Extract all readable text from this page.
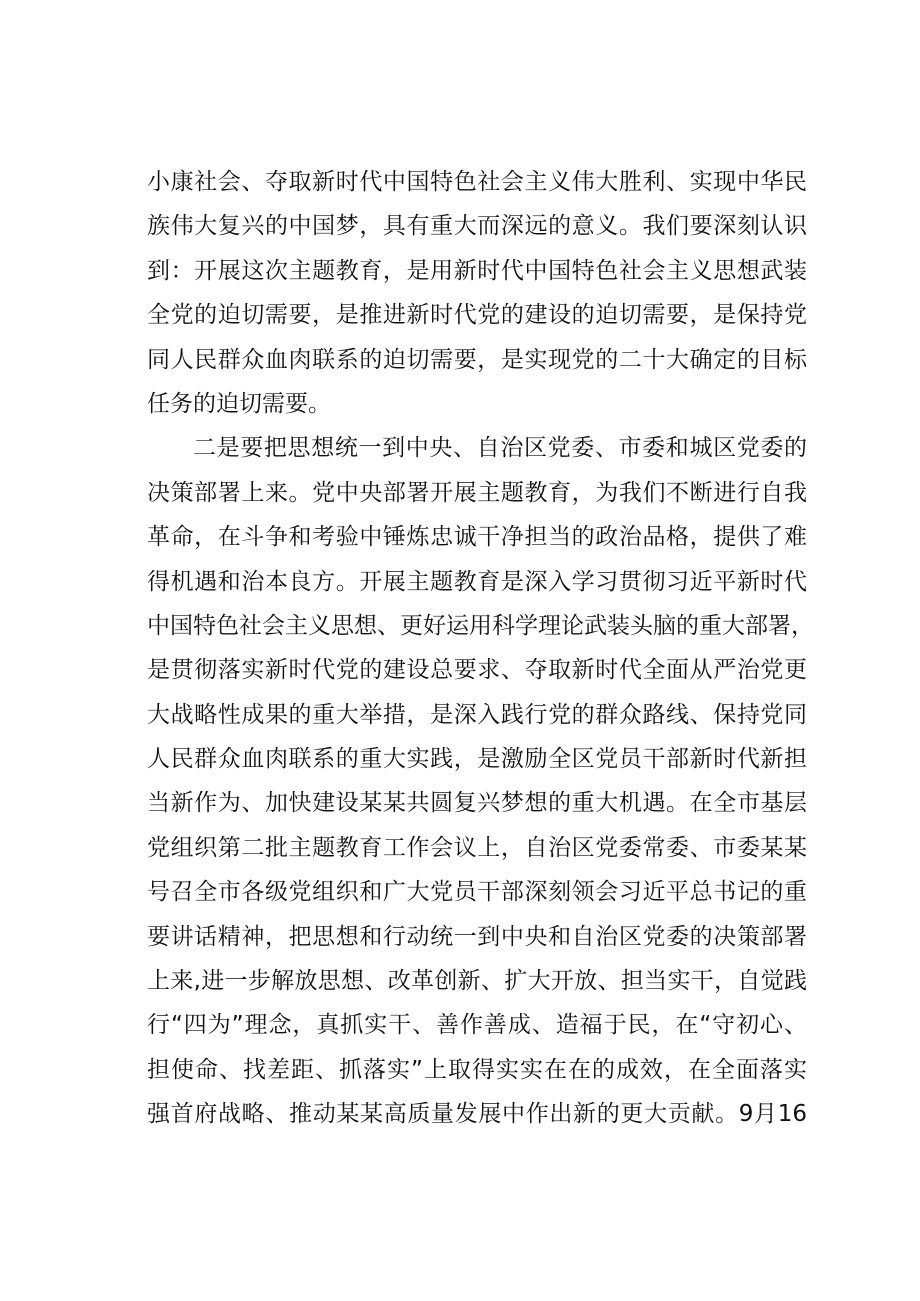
小康社会、夺取新时代中国特色社会主义伟大胜利、实现中华民
族伟大复兴的中国梦，具有重大而深远的意义。我们要深刻认识
到：开展这次主题教育，是用新时代中国特色社会主义思想武装
全党的迫切需要，是推进新时代党的建设的迫切需要，是保持党
同人民群众血肉联系的迫切需要，是实现党的二十大确定的目标
任务的迫切需要。
二是要把思想统一到中央、自治区党委、市委和城区党委的
决策部署上来。党中央部署开展主题教育，为我们不断进行自我
革命，在斗争和考验中锤炼忠诚干净担当的政治品格，提供了难
得机遇和治本良方。开展主题教育是深入学习贯彻习近平新时代
中国特色社会主义思想、更好运用科学理论武装头脑的重大部署，
是贯彻落实新时代党的建设总要求、夺取新时代全面从严治党更
大战略性成果的重大举措，是深入践行党的群众路线、保持党同
人民群众血肉联系的重大实践，是激励全区党员干部新时代新担
当新作为、加快建设某某共圆复兴梦想的重大机遇。在全市基层
党组织第二批主题教育工作会议上，自治区党委常委、市委某某
号召全市各级党组织和广大党员干部深刻领会习近平总书记的重
要讲话精神，把思想和行动统一到中央和自治区党委的决策部署
上来,进一步解放思想、改革创新、扩大开放、担当实干，自觉践
行“四为”理念，真抓实干、善作善成、造福于民，在“守初心、
担使命、找差距、抓落实”上取得实实在在的成效，在全面落实
强首府战略、推动某某高质量发展中作出新的更大贡献。9月16
